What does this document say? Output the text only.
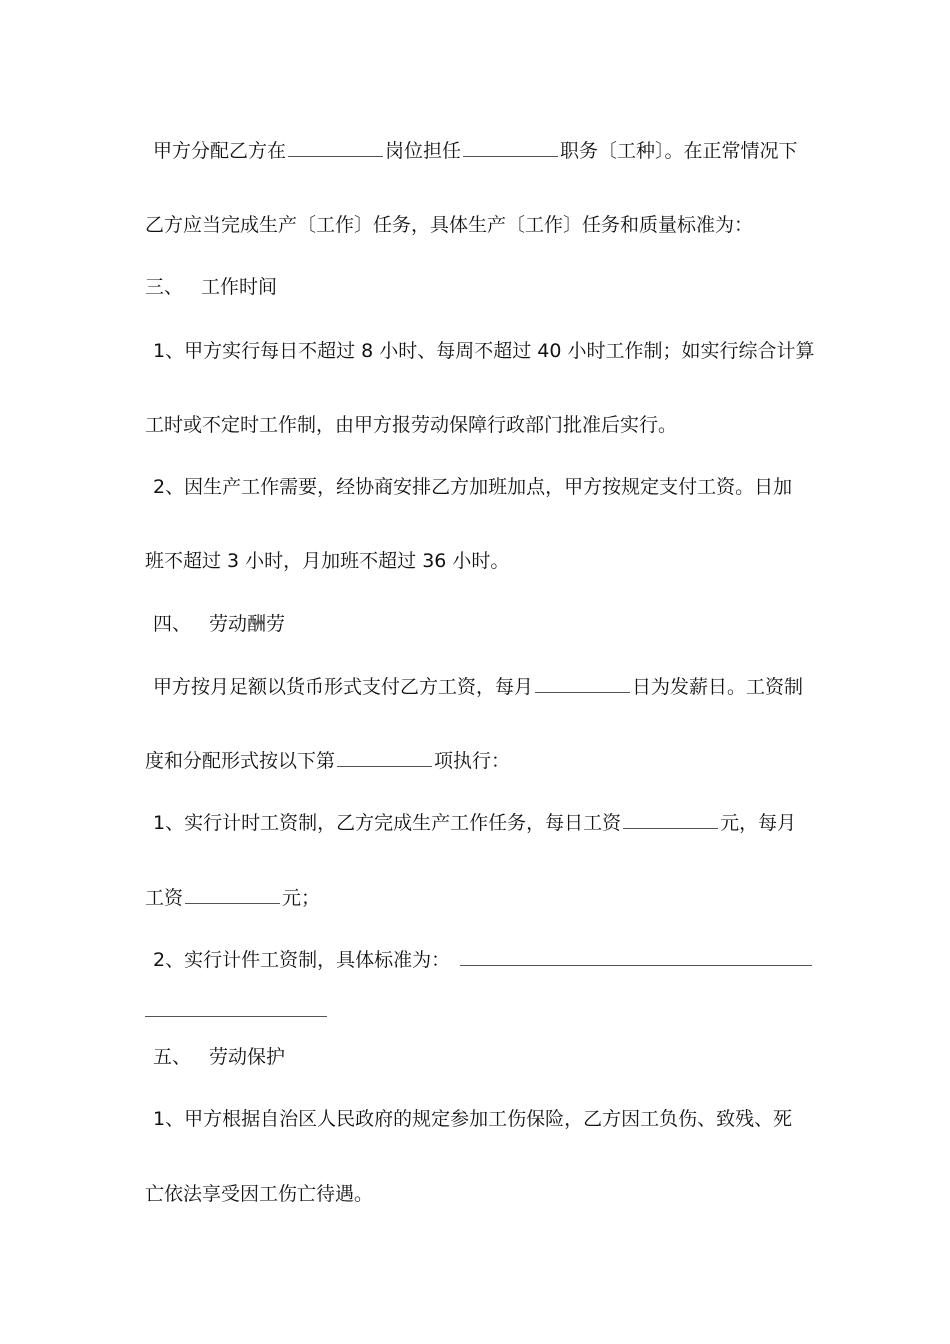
甲方分配乙方在	岗位担任	职务〔工种〕。在正常情况下
乙方应当完成生产〔工作〕任务，具体生产〔工作〕任务和质量标准为：
三、 工作时间
1、甲方实行每日不超过 8 小时、每周不超过 40 小时工作制；如实行综合计算
工时或不定时工作制，由甲方报劳动保障行政部门批准后实行。
2、因生产工作需要，经协商安排乙方加班加点，甲方按规定支付工资。日加
班不超过 3 小时，月加班不超过 36 小时。
四、 劳动酬劳
甲方按月足额以货币形式支付乙方工资，每月	日为发薪日。工资制
度和分配形式按以下第	项执行：
1、实行计时工资制，乙方完成生产工作任务，每日工资	元，每月
工资	元；
2、实行计件工资制，具体标准为：
五、 劳动保护
1、甲方根据自治区人民政府的规定参加工伤保险，乙方因工负伤、致残、死
亡依法享受因工伤亡待遇。
